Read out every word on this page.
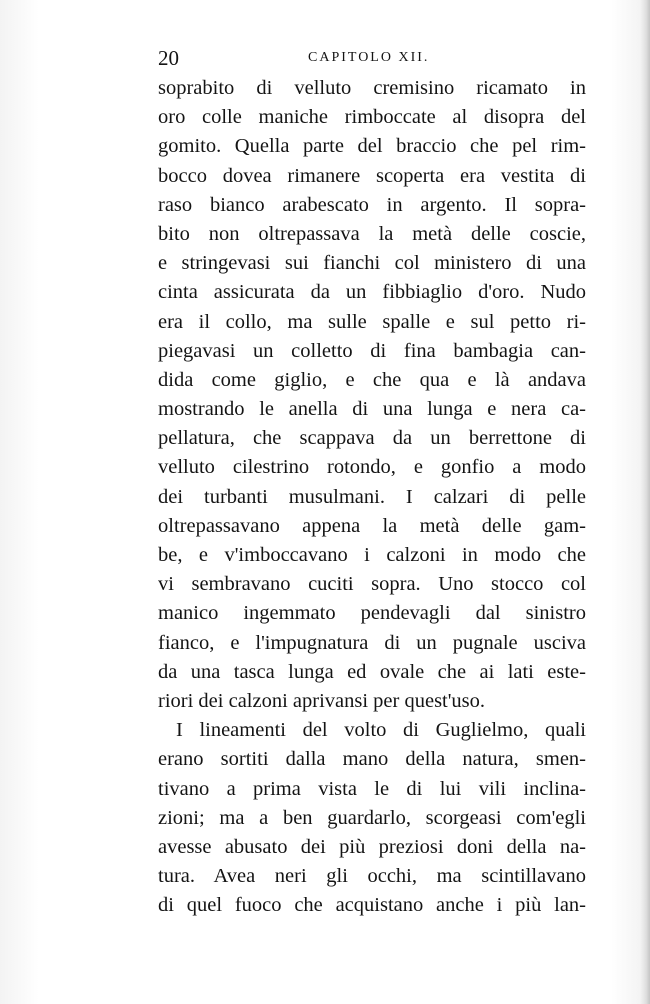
20	CAPITOLO XII.
soprabito di velluto cremisino ricamato in
oro colle maniche rimboccate al disopra del
gomito. Quella parte del braccio che pel rim-
bocco dovea rimanere scoperta era vestita di
raso bianco arabescato in argento. Il sopra-
bito non oltrepassava la metà delle coscie,
e stringevasi sui fianchi col ministero di una
cinta assicurata da un fibbiaglio d'oro. Nudo
era il collo, ma sulle spalle e sul petto ri-
piegavasi un colletto di fina bambagia can-
dida come giglio, e che qua e là andava
mostrando le anella di una lunga e nera ca-
pellatura, che scappava da un berrettone di
velluto cilestrino rotondo, e gonfio a modo
dei turbanti musulmani. I calzari di pelle
oltrepassavano appena la metà delle gam-
be, e v'imboccavano i calzoni in modo che
vi sembravano cuciti sopra. Uno stocco col
manico ingemmato pendevagli dal sinistro
fianco, e l'impugnatura di un pugnale usciva
da una tasca lunga ed ovale che ai lati este-
riori dei calzoni aprivansi per quest'uso.
I lineamenti del volto di Guglielmo, quali
erano sortiti dalla mano della natura, smen-
tivano a prima vista le di lui vili inclina-
zioni; ma a ben guardarlo, scorgeasi com'egli
avesse abusato dei più preziosi doni della na-
tura. Avea neri gli occhi, ma scintillavano
di quel fuoco che acquistano anche i più lan-
